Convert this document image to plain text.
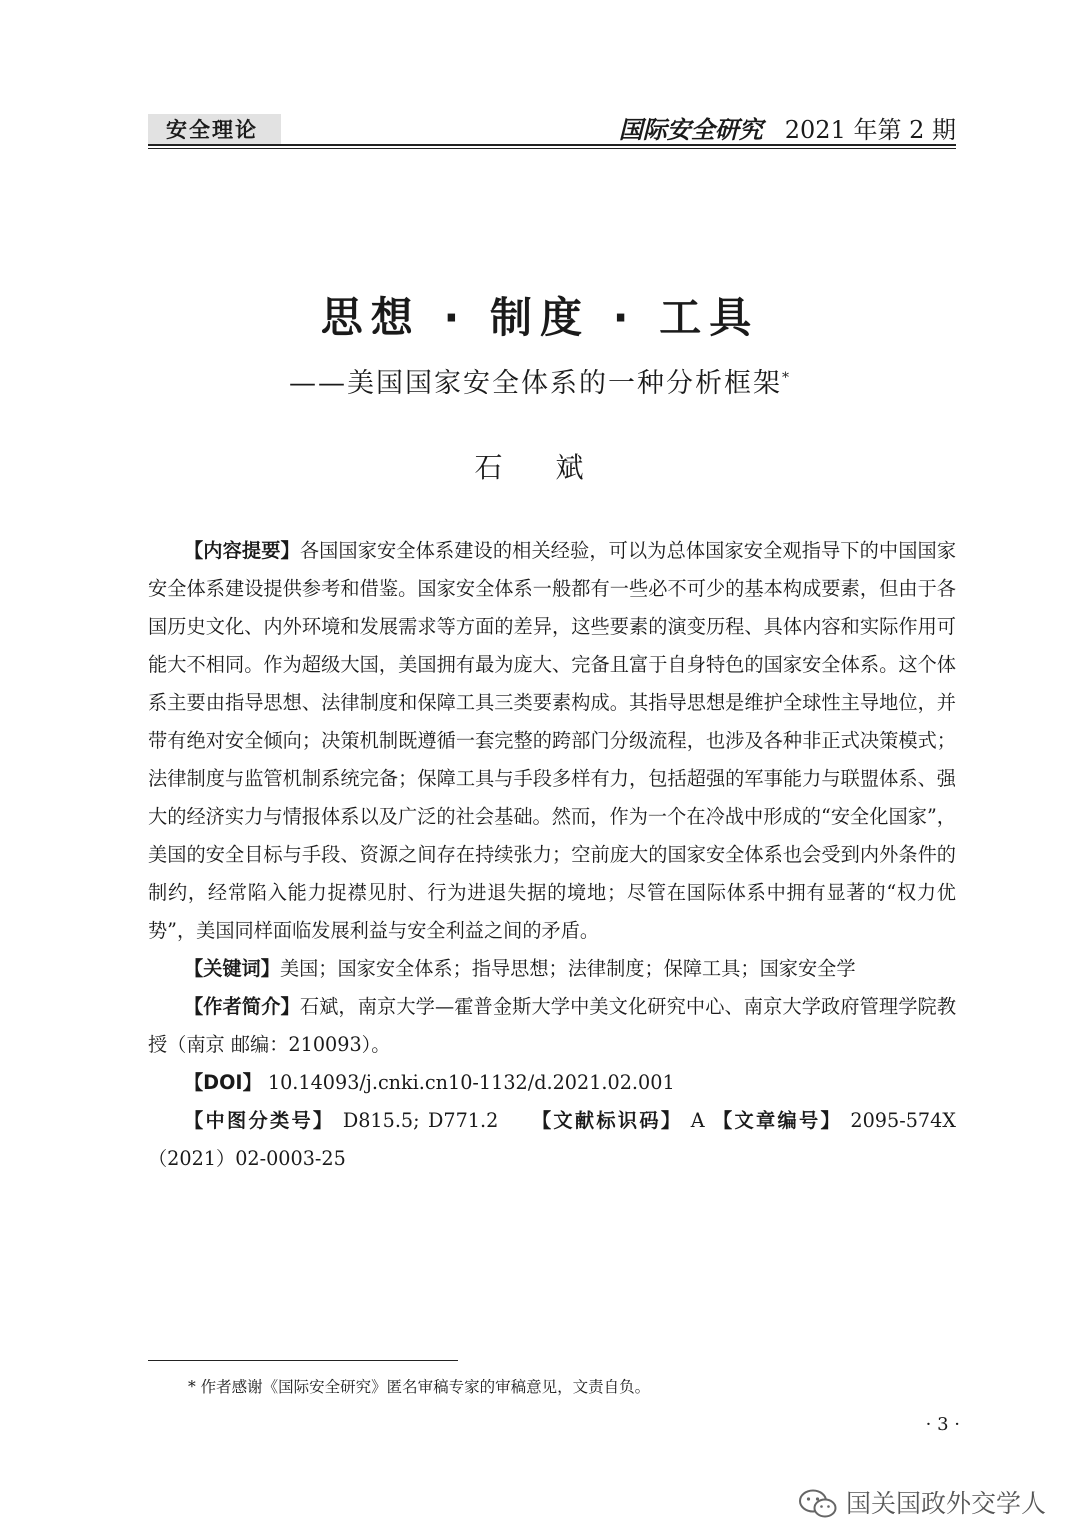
安全理论	国际安全研究 2021 年第 2 期
思想 · 制度 · 工具
——美国国家安全体系的一种分析框架*
石 斌

【内容提要】各国国家安全体系建设的相关经验，可以为总体国家安全观指导下的中国国家安全体系建设提供参考和借鉴。国家安全体系一般都有一些必不可少的基本构成要素，但由于各国历史文化、内外环境和发展需求等方面的差异，这些要素的演变历程、具体内容和实际作用可能大不相同。作为超级大国，美国拥有最为庞大、完备且富于自身特色的国家安全体系。这个体系主要由指导思想、法律制度和保障工具三类要素构成。其指导思想是维护全球性主导地位，并带有绝对安全倾向；决策机制既遵循一套完整的跨部门分级流程，也涉及各种非正式决策模式；法律制度与监管机制系统完备；保障工具与手段多样有力，包括超强的军事能力与联盟体系、强大的经济实力与情报体系以及广泛的社会基础。然而，作为一个在冷战中形成的“安全化国家”，美国的安全目标与手段、资源之间存在持续张力；空前庞大的国家安全体系也会受到内外条件的制约，经常陷入能力捉襟见肘、行为进退失据的境地；尽管在国际体系中拥有显著的“权力优势”，美国同样面临发展利益与安全利益之间的矛盾。

【关键词】美国；国家安全体系；指导思想；法律制度；保障工具；国家安全学

【作者简介】石斌，南京大学—霍普金斯大学中美文化研究中心、南京大学政府管理学院教授（南京 邮编：210093）。

【DOI】 10.14093/j.cnki.cn10-1132/d.2021.02.001

【中图分类号】 D815.5; D771.2 【文献标识码】 A 【文章编号】 2095-574X（2021）02-0003-25

* 作者感谢《国际安全研究》匿名审稿专家的审稿意见，文责自负。
· 3 ·
国关国政外交学人
